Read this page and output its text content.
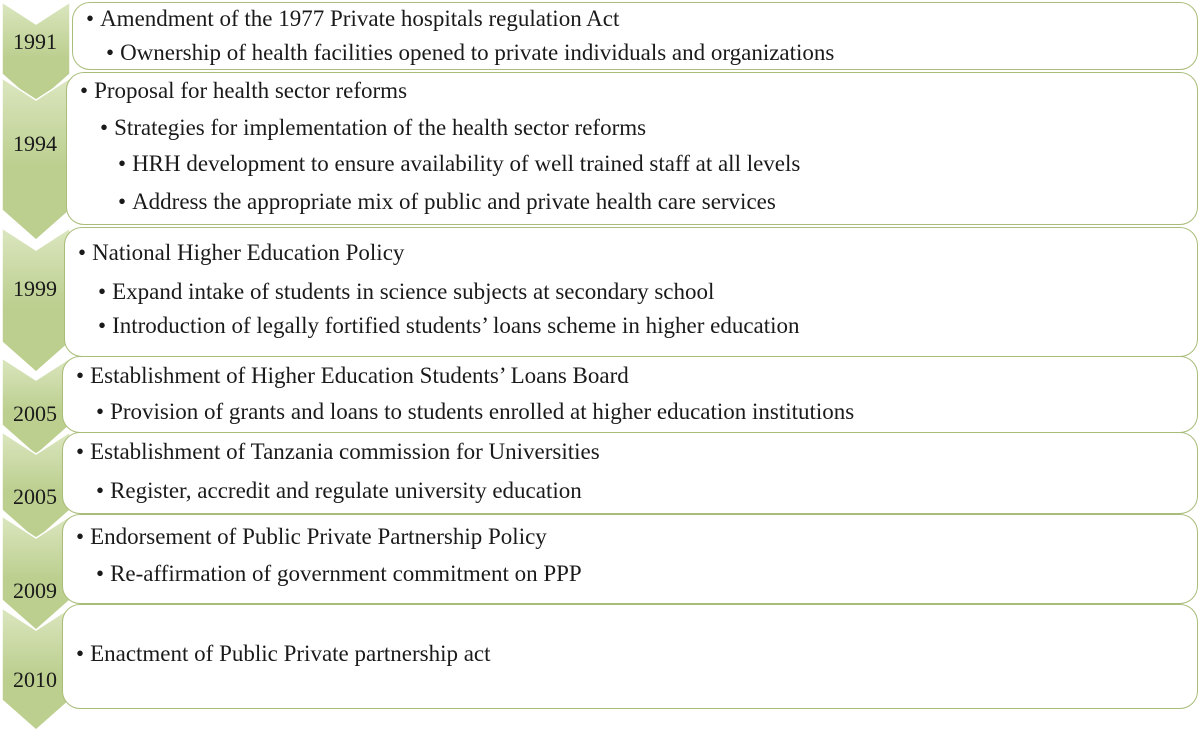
1991
• Amendment of the 1977 Private hospitals regulation Act
• Ownership of health facilities opened to private individuals and organizations
1994
• Proposal for health sector reforms
• Strategies for implementation of the health sector reforms
• HRH development to ensure availability of well trained staff at all levels
• Address the appropriate mix of public and private health care services
1999
• National Higher Education Policy
• Expand intake of students in science subjects at secondary school
• Introduction of legally fortified students’ loans scheme in higher education
2005
• Establishment of Higher Education Students’ Loans Board
• Provision of grants and loans to students enrolled at higher education institutions
2005
• Establishment of Tanzania commission for Universities
• Register, accredit and regulate university education
2009
• Endorsement of Public Private Partnership Policy
• Re-affirmation of government commitment on PPP
2010
• Enactment of Public Private partnership act
